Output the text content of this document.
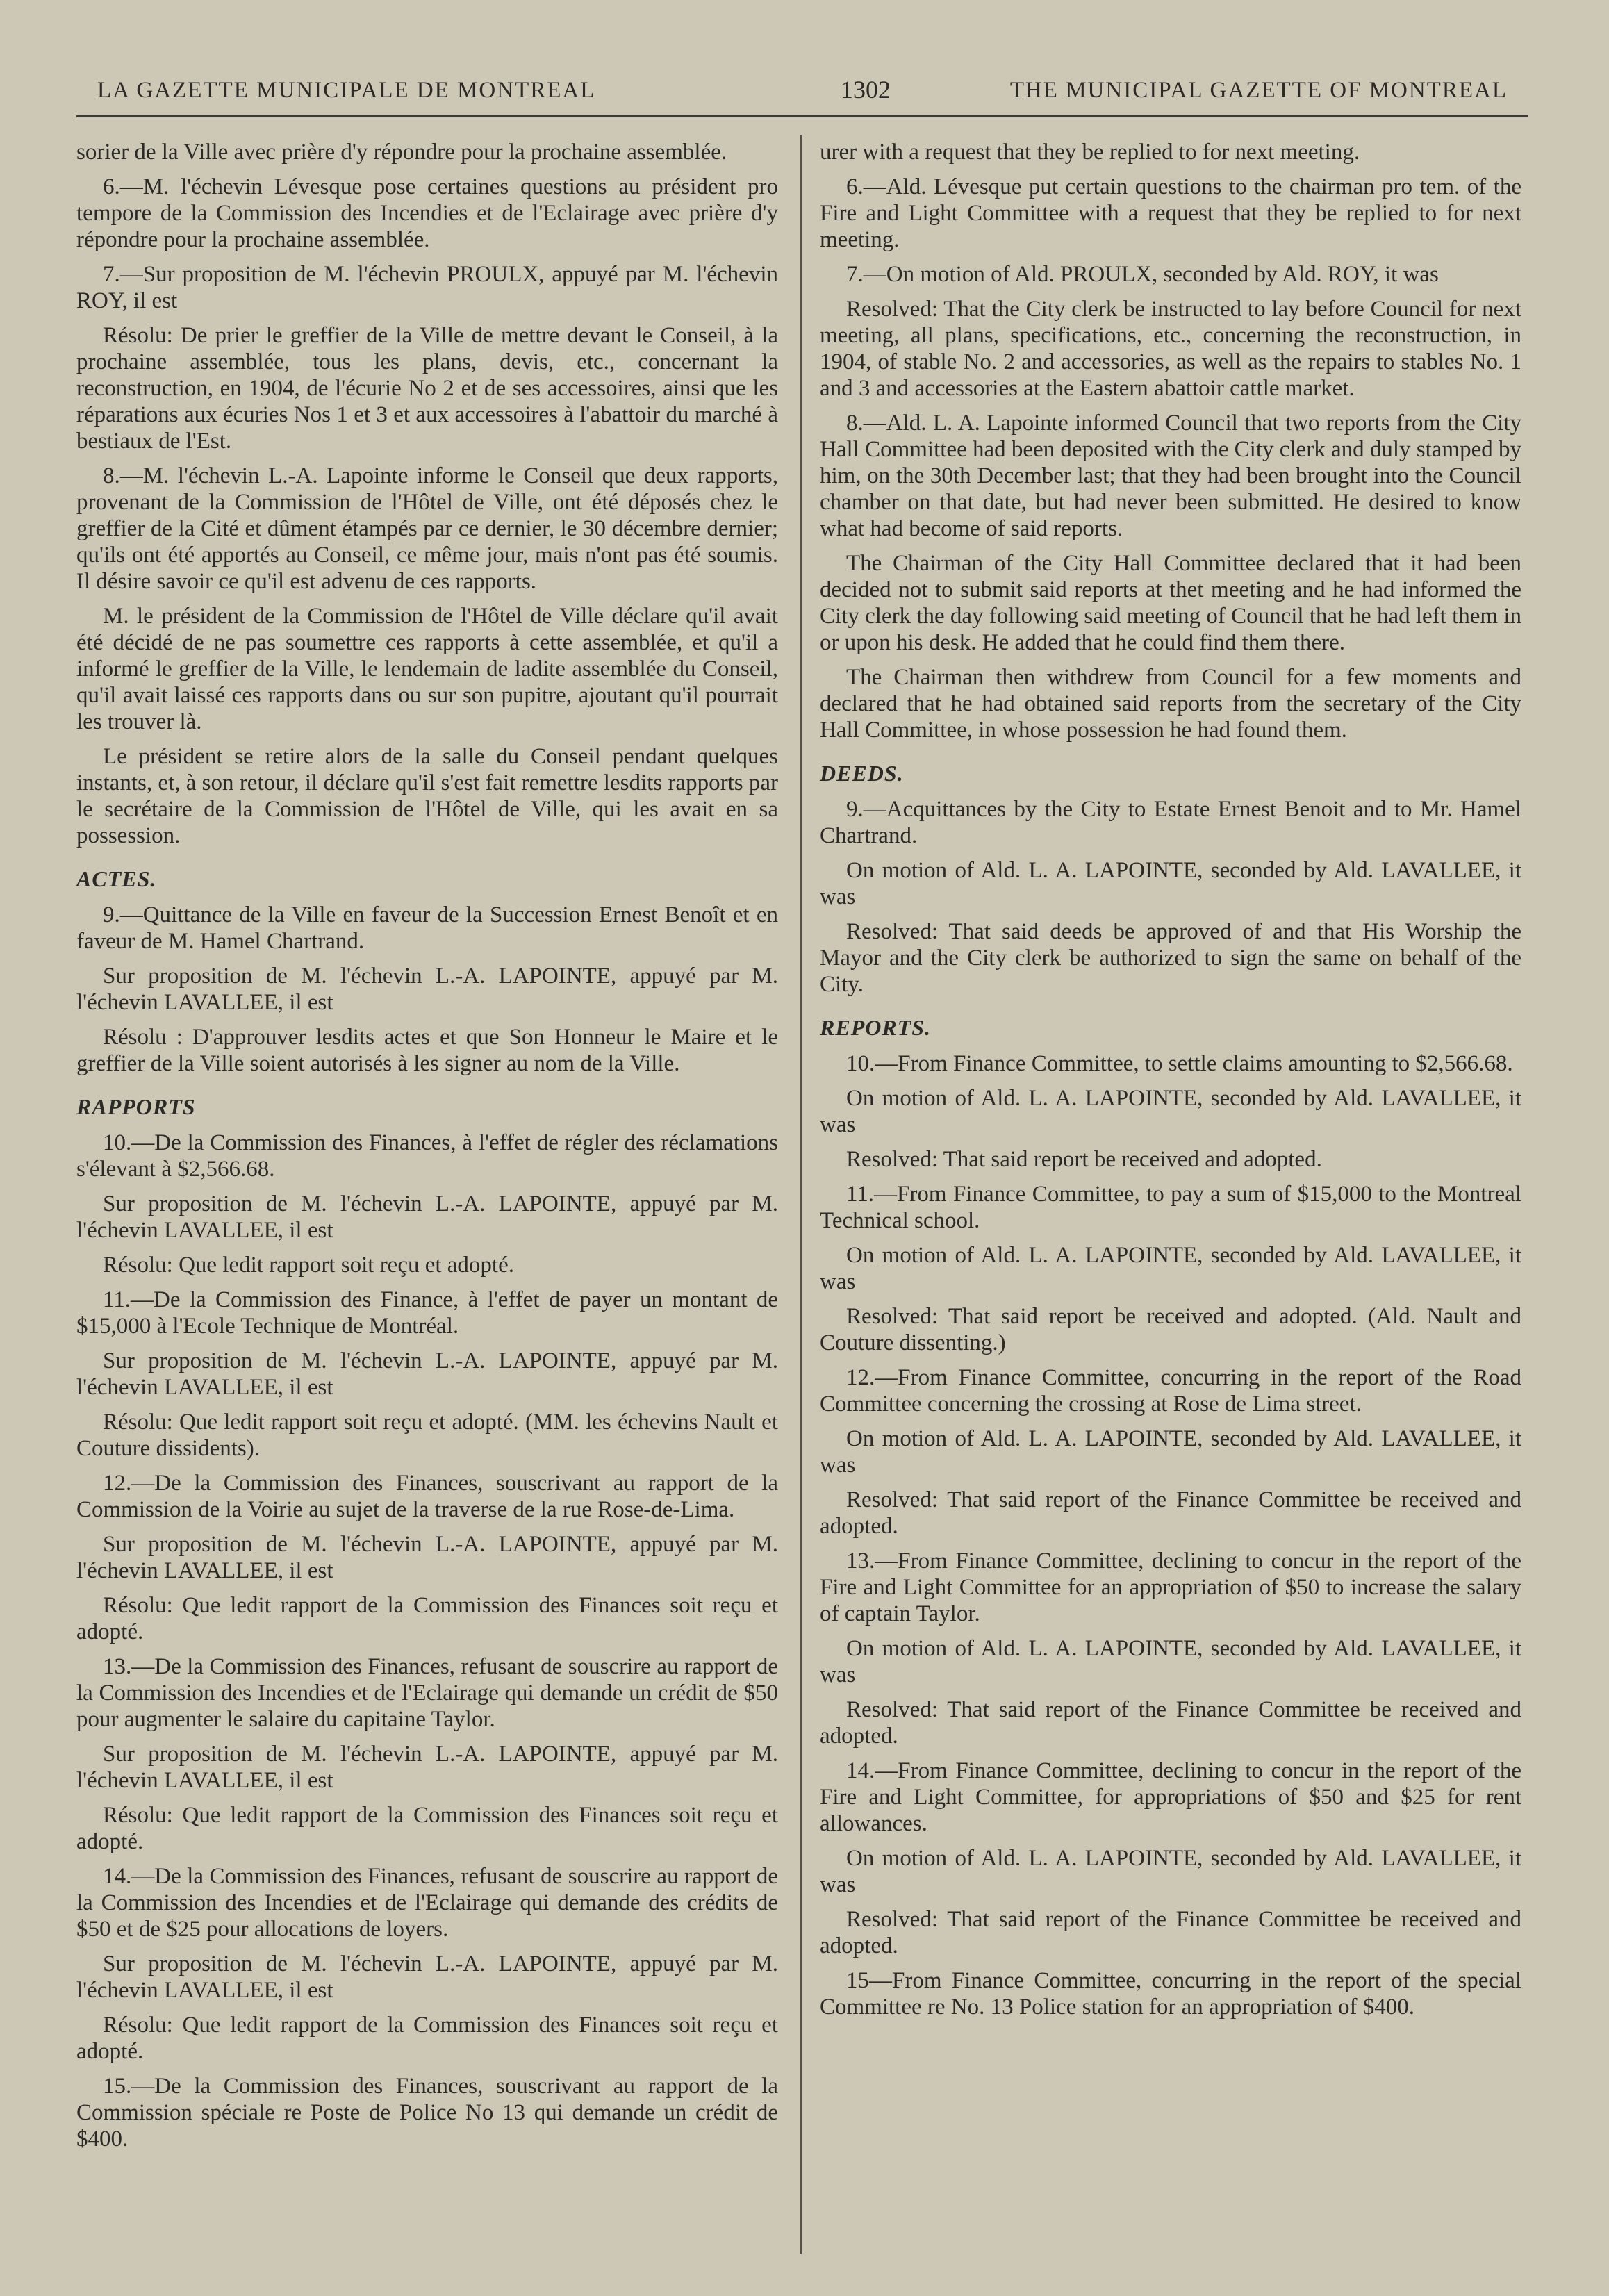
LA GAZETTE MUNICIPALE DE MONTREAL	1302	THE MUNICIPAL GAZETTE OF MONTREAL

sorier de la Ville avec prière d'y répondre pour la prochaine assemblée.

6.—M. l'échevin Lévesque pose certaines questions au président pro tempore de la Commission des Incendies et de l'Eclairage avec prière d'y répondre pour la prochaine assemblée.

7.—Sur proposition de M. l'échevin PROULX, appuyé par M. l'échevin ROY, il est

Résolu: De prier le greffier de la Ville de mettre devant le Conseil, à la prochaine assemblée, tous les plans, devis, etc., concernant la reconstruction, en 1904, de l'écurie No 2 et de ses accessoires, ainsi que les réparations aux écuries Nos 1 et 3 et aux accessoires à l'abattoir du marché à bestiaux de l'Est.

8.—M. l'échevin L.-A. Lapointe informe le Conseil que deux rapports, provenant de la Commission de l'Hôtel de Ville, ont été déposés chez le greffier de la Cité et dûment étampés par ce dernier, le 30 décembre dernier; qu'ils ont été apportés au Conseil, ce même jour, mais n'ont pas été soumis. Il désire savoir ce qu'il est advenu de ces rapports.

M. le président de la Commission de l'Hôtel de Ville déclare qu'il avait été décidé de ne pas soumettre ces rapports à cette assemblée, et qu'il a informé le greffier de la Ville, le lendemain de ladite assemblée du Conseil, qu'il avait laissé ces rapports dans ou sur son pupitre, ajoutant qu'il pourrait les trouver là.

Le président se retire alors de la salle du Conseil pendant quelques instants, et, à son retour, il déclare qu'il s'est fait remettre lesdits rapports par le secrétaire de la Commission de l'Hôtel de Ville, qui les avait en sa possession.

ACTES.

9.—Quittance de la Ville en faveur de la Succession Ernest Benoît et en faveur de M. Hamel Chartrand.

Sur proposition de M. l'échevin L.-A. LAPOINTE, appuyé par M. l'échevin LAVALLEE, il est

Résolu : D'approuver lesdits actes et que Son Honneur le Maire et le greffier de la Ville soient autorisés à les signer au nom de la Ville.

RAPPORTS

10.—De la Commission des Finances, à l'effet de régler des réclamations s'élevant à $2,566.68.

Sur proposition de M. l'échevin L.-A. LAPOINTE, appuyé par M. l'échevin LAVALLEE, il est

Résolu: Que ledit rapport soit reçu et adopté.

11.—De la Commission des Finance, à l'effet de payer un montant de $15,000 à l'Ecole Technique de Montréal.

Sur proposition de M. l'échevin L.-A. LAPOINTE, appuyé par M. l'échevin LAVALLEE, il est

Résolu: Que ledit rapport soit reçu et adopté. (MM. les échevins Nault et Couture dissidents).

12.—De la Commission des Finances, souscrivant au rapport de la Commission de la Voirie au sujet de la traverse de la rue Rose-de-Lima.

Sur proposition de M. l'échevin L.-A. LAPOINTE, appuyé par M. l'échevin LAVALLEE, il est

Résolu: Que ledit rapport de la Commission des Finances soit reçu et adopté.

13.—De la Commission des Finances, refusant de souscrire au rapport de la Commission des Incendies et de l'Eclairage qui demande un crédit de $50 pour augmenter le salaire du capitaine Taylor.

Sur proposition de M. l'échevin L.-A. LAPOINTE, appuyé par M. l'échevin LAVALLEE, il est

Résolu: Que ledit rapport de la Commission des Finances soit reçu et adopté.

14.—De la Commission des Finances, refusant de souscrire au rapport de la Commission des Incendies et de l'Eclairage qui demande des crédits de $50 et de $25 pour allocations de loyers.

Sur proposition de M. l'échevin L.-A. LAPOINTE, appuyé par M. l'échevin LAVALLEE, il est

Résolu: Que ledit rapport de la Commission des Finances soit reçu et adopté.

15.—De la Commission des Finances, souscrivant au rapport de la Commission spéciale re Poste de Police No 13 qui demande un crédit de $400.

urer with a request that they be replied to for next meeting.

6.—Ald. Lévesque put certain questions to the chairman pro tem. of the Fire and Light Committee with a request that they be replied to for next meeting.

7.—On motion of Ald. PROULX, seconded by Ald. ROY, it was

Resolved: That the City clerk be instructed to lay before Council for next meeting, all plans, specifications, etc., concerning the reconstruction, in 1904, of stable No. 2 and accessories, as well as the repairs to stables No. 1 and 3 and accessories at the Eastern abattoir cattle market.

8.—Ald. L. A. Lapointe informed Council that two reports from the City Hall Committee had been deposited with the City clerk and duly stamped by him, on the 30th December last; that they had been brought into the Council chamber on that date, but had never been submitted. He desired to know what had become of said reports.

The Chairman of the City Hall Committee declared that it had been decided not to submit said reports at thet meeting and he had informed the City clerk the day following said meeting of Council that he had left them in or upon his desk. He added that he could find them there.

The Chairman then withdrew from Council for a few moments and declared that he had obtained said reports from the secretary of the City Hall Committee, in whose possession he had found them.

DEEDS.

9.—Acquittances by the City to Estate Ernest Benoit and to Mr. Hamel Chartrand.

On motion of Ald. L. A. LAPOINTE, seconded by Ald. LAVALLEE, it was

Resolved: That said deeds be approved of and that His Worship the Mayor and the City clerk be authorized to sign the same on behalf of the City.

REPORTS.

10.—From Finance Committee, to settle claims amounting to $2,566.68.

On motion of Ald. L. A. LAPOINTE, seconded by Ald. LAVALLEE, it was

Resolved: That said report be received and adopted.

11.—From Finance Committee, to pay a sum of $15,000 to the Montreal Technical school.

On motion of Ald. L. A. LAPOINTE, seconded by Ald. LAVALLEE, it was

Resolved: That said report be received and adopted. (Ald. Nault and Couture dissenting.)

12.—From Finance Committee, concurring in the report of the Road Committee concerning the crossing at Rose de Lima street.

On motion of Ald. L. A. LAPOINTE, seconded by Ald. LAVALLEE, it was

Resolved: That said report of the Finance Committee be received and adopted.

13.—From Finance Committee, declining to concur in the report of the Fire and Light Committee for an appropriation of $50 to increase the salary of captain Taylor.

On motion of Ald. L. A. LAPOINTE, seconded by Ald. LAVALLEE, it was

Resolved: That said report of the Finance Committee be received and adopted.

14.—From Finance Committee, declining to concur in the report of the Fire and Light Committee, for appropriations of $50 and $25 for rent allowances.

On motion of Ald. L. A. LAPOINTE, seconded by Ald. LAVALLEE, it was

Resolved: That said report of the Finance Committee be received and adopted.

15—From Finance Committee, concurring in the report of the special Committee re No. 13 Police station for an appropriation of $400.
